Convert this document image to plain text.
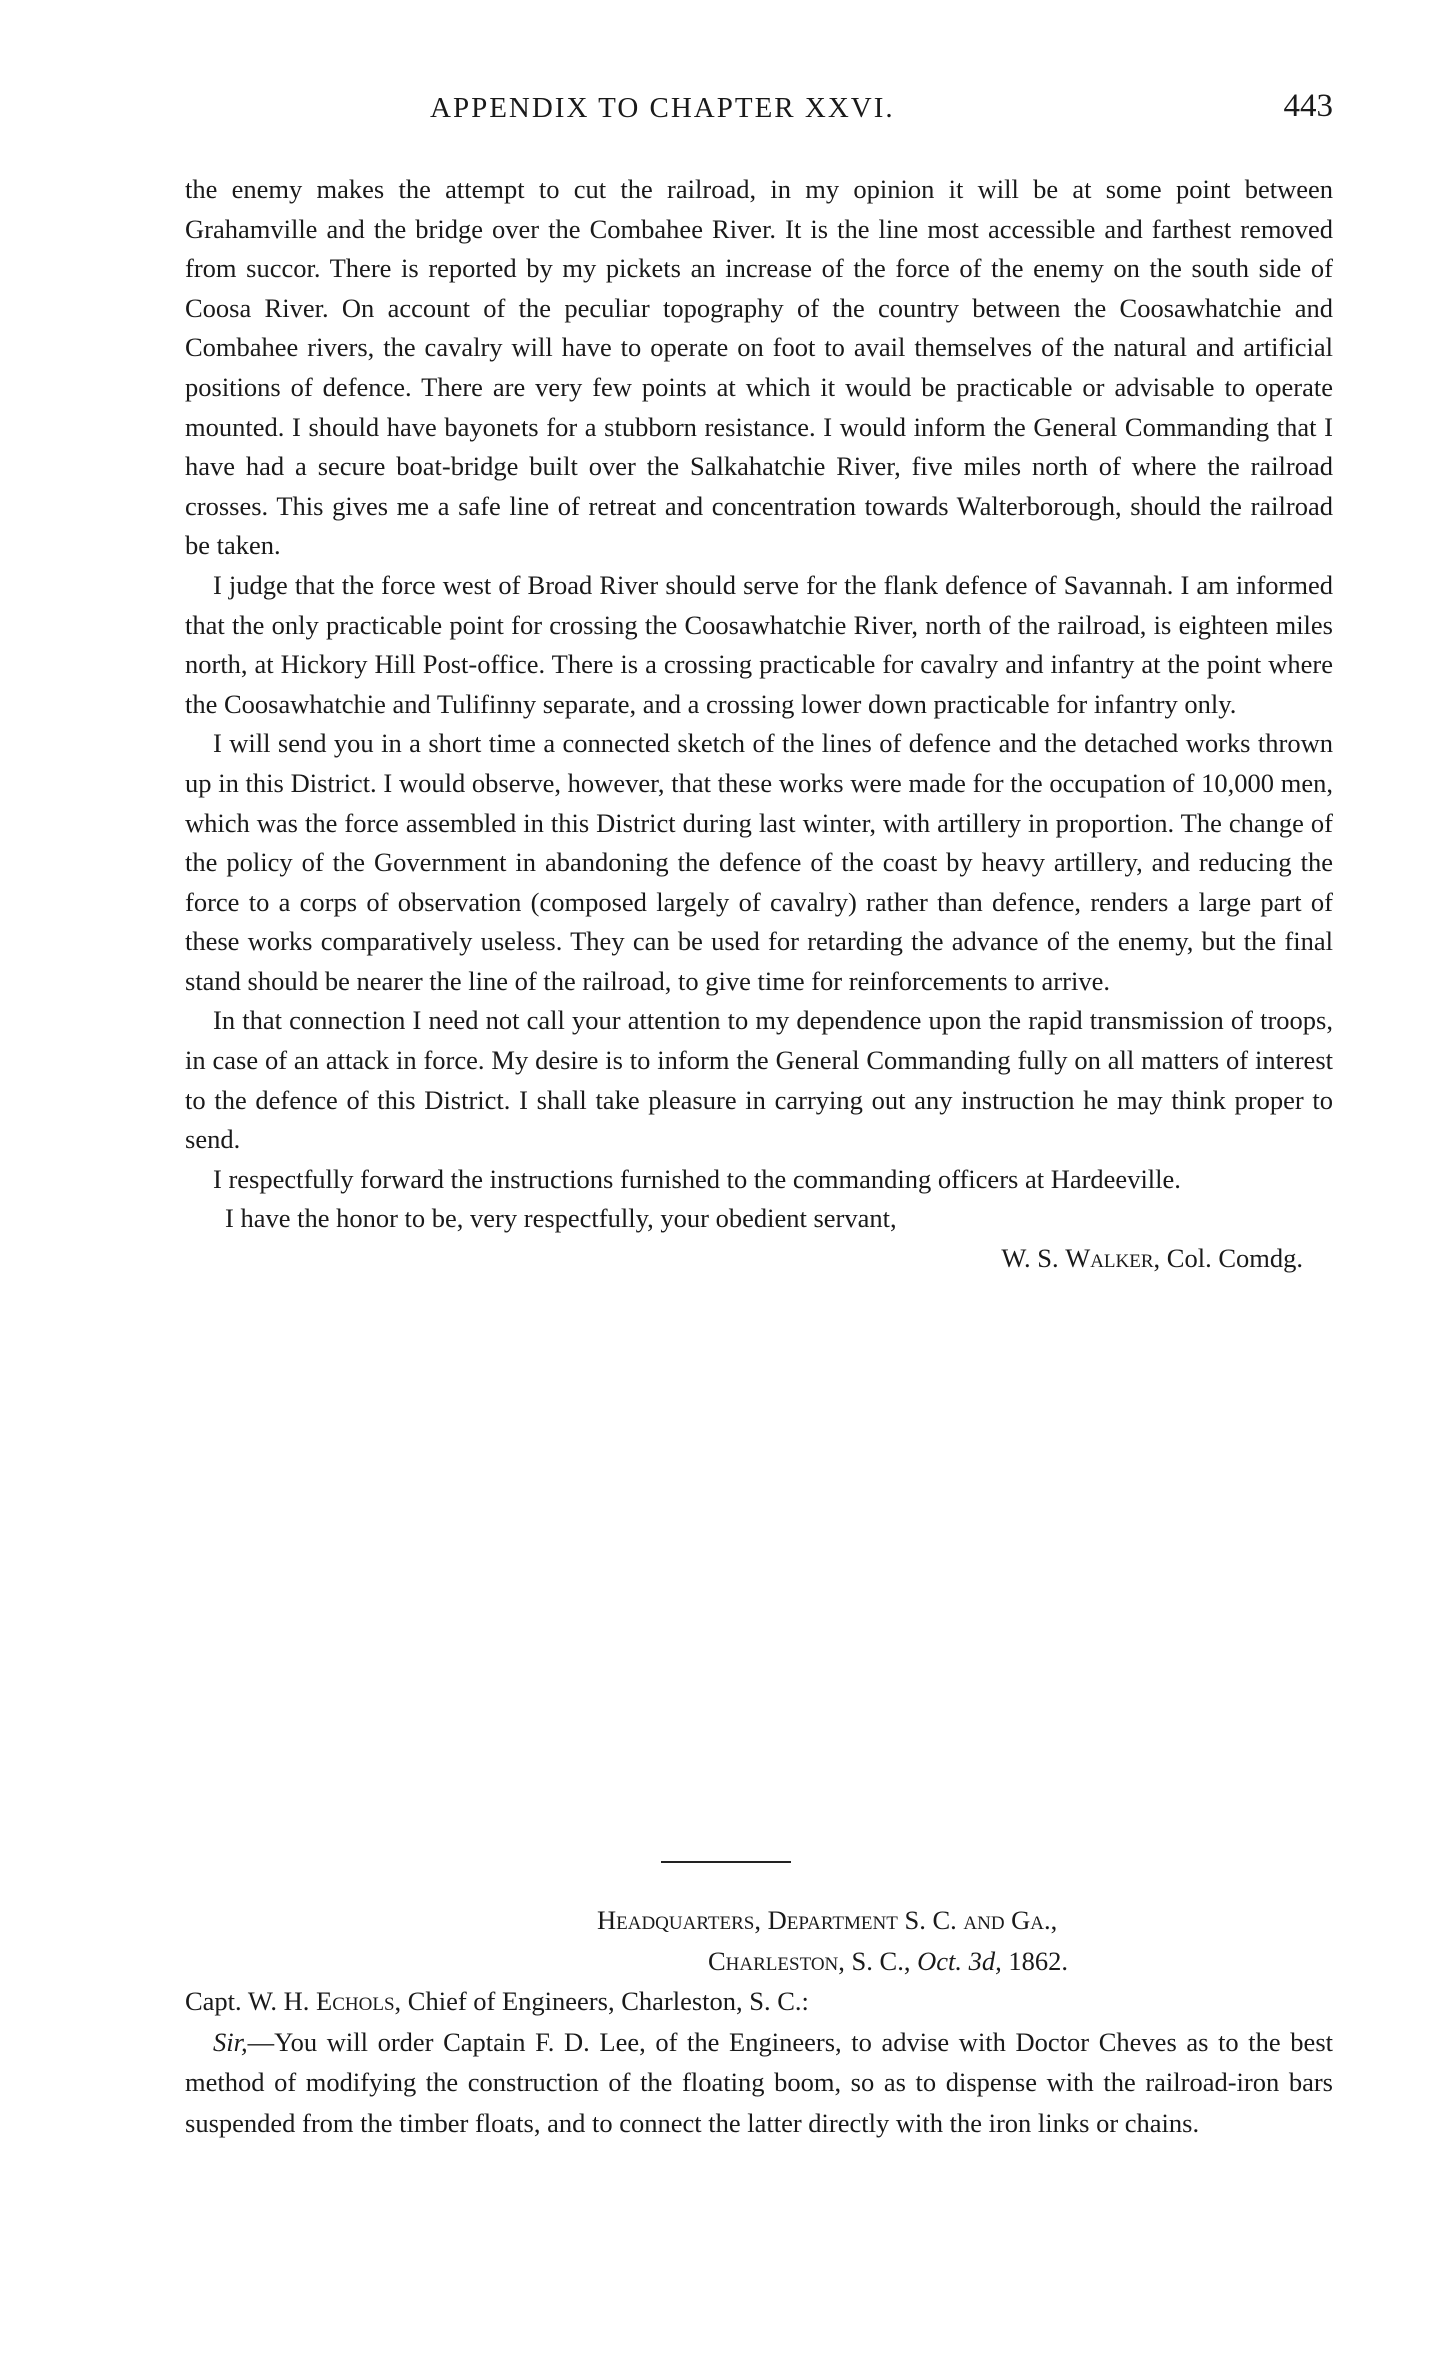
APPENDIX TO CHAPTER XXVI.	443

the enemy makes the attempt to cut the railroad, in my opinion it will be at some point between Grahamville and the bridge over the Combahee River. It is the line most accessible and farthest removed from succor. There is reported by my pickets an increase of the force of the enemy on the south side of Coosa River. On account of the peculiar topography of the country between the Coosawhatchie and Combahee rivers, the cavalry will have to operate on foot to avail themselves of the natural and artificial positions of defence. There are very few points at which it would be practicable or advisable to operate mounted. I should have bayonets for a stubborn resistance. I would inform the General Commanding that I have had a secure boat-bridge built over the Salkahatchie River, five miles north of where the railroad crosses. This gives me a safe line of retreat and concentration towards Walterborough, should the railroad be taken.

I judge that the force west of Broad River should serve for the flank defence of Savannah. I am informed that the only practicable point for crossing the Coosawhatchie River, north of the railroad, is eighteen miles north, at Hickory Hill Post-office. There is a crossing practicable for cavalry and infantry at the point where the Coosawhatchie and Tulifinny separate, and a crossing lower down practicable for infantry only.

I will send you in a short time a connected sketch of the lines of defence and the detached works thrown up in this District. I would observe, however, that these works were made for the occupation of 10,000 men, which was the force assembled in this District during last winter, with artillery in proportion. The change of the policy of the Government in abandoning the defence of the coast by heavy artillery, and reducing the force to a corps of observation (composed largely of cavalry) rather than defence, renders a large part of these works comparatively useless. They can be used for retarding the advance of the enemy, but the final stand should be nearer the line of the railroad, to give time for reinforcements to arrive.

In that connection I need not call your attention to my dependence upon the rapid transmission of troops, in case of an attack in force. My desire is to inform the General Commanding fully on all matters of interest to the defence of this District. I shall take pleasure in carrying out any instruction he may think proper to send.

I respectfully forward the instructions furnished to the commanding officers at Hardeeville.

I have the honor to be, very respectfully, your obedient servant,

W. S. Walker, Col. Comdg.

Headquarters, Department S. C. and Ga.,

Charleston, S. C., Oct. 3d, 1862.

Capt. W. H. Echols, Chief of Engineers, Charleston, S. C.:

Sir,—You will order Captain F. D. Lee, of the Engineers, to advise with Doctor Cheves as to the best method of modifying the construction of the floating boom, so as to dispense with the railroad-iron bars suspended from the timber floats, and to connect the latter directly with the iron links or chains.
